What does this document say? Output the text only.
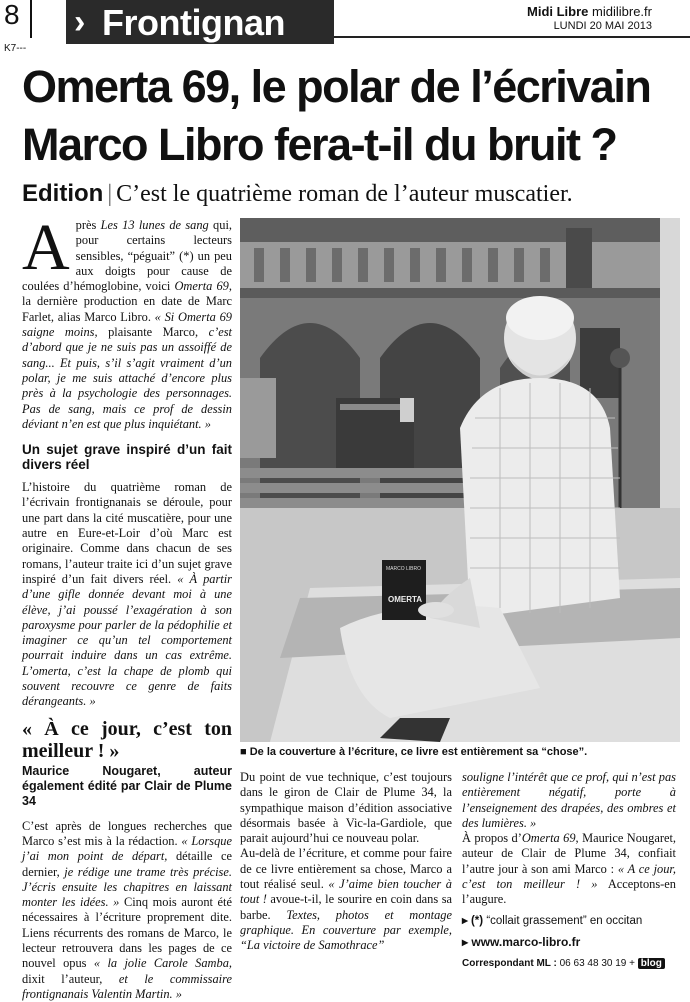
8 › Frontignan	Midi Libre midilibre.fr
LUNDI 20 MAI 2013
K7---
Omerta 69, le polar de l’écrivain Marco Libro fera-t-il du bruit ?
Edition | C’est le quatrième roman de l’auteur muscatier.

Après Les 13 lunes de sang qui, pour certains lecteurs sensibles, “péguait” (*) un peu aux doigts pour cause de coulées d’hémoglobine, voici Omerta 69, la dernière production en date de Marc Farlet, alias Marco Libro. « Si Omerta 69 saigne moins, plaisante Marco, c’est d’abord que je ne suis pas un assoiffé de sang... Et puis, s’il s’agit vraiment d’un polar, je me suis attaché d’encore plus près à la psychologie des personnages. Pas de sang, mais ce prof de dessin déviant n’en est que plus inquiétant. »

Un sujet grave inspiré d’un fait divers réel

L’histoire du quatrième roman de l’écrivain frontignanais se déroule, pour une part dans la cité muscatière, pour une autre en Eure-et-Loir d’où Marc est originaire. Comme dans chacun de ses romans, l’auteur traite ici d’un sujet grave inspiré d’un fait divers réel. « À partir d’une gifle donnée devant moi à une élève, j’ai poussé l’exagération à son paroxysme pour parler de la pédophilie et imaginer ce qu’un tel comportement pourrait induire dans un cas extrême. L’omerta, c’est la chape de plomb qui souvent recouvre ce genre de faits dérangeants. »

« À ce jour, c’est ton meilleur ! »
Maurice Nougaret, auteur également édité par Clair de Plume 34

C’est après de longues recherches que Marco s’est mis à la rédaction. « Lorsque j’ai mon point de départ, détaille ce dernier, je rédige une trame très précise. J’écris ensuite les chapitres en laissant monter les idées. » Cinq mois auront été nécessaires à l’écriture proprement dite. Liens récurrents des romans de Marco, le lecteur retrouvera dans les pages de ce nouvel opus « la jolie Carole Samba, dixit l’auteur, et le commissaire frontignanais Valentin Martin. »

MARCO LIBRO
OMERTA
■ De la couverture à l’écriture, ce livre est entièrement sa “chose”.

Du point de vue technique, c’est toujours dans le giron de Clair de Plume 34, la sympathique maison d’édition associative désormais basée à Vic-la-Gardiole, que parait aujourd’hui ce nouveau polar.

Au-delà de l’écriture, et comme pour faire de ce livre entièrement sa chose, Marco a tout réalisé seul. « J’aime bien toucher à tout ! avoue-t-il, le sourire en coin dans sa barbe. Textes, photos et montage graphique. En couverture par exemple, “La victoire de Samothrace”

souligne l’intérêt que ce prof, qui n’est pas entièrement négatif, porte à l’enseignement des drapées, des ombres et des lumières. »

À propos d’Omerta 69, Maurice Nougaret, auteur de Clair de Plume 34, confiait l’autre jour à son ami Marco : « A ce jour, c’est ton meilleur ! » Acceptons-en l’augure.

▸ (*) “collait grassement” en occitan
▸ www.marco-libro.fr
Correspondant ML : 06 63 48 30 19 + blog
